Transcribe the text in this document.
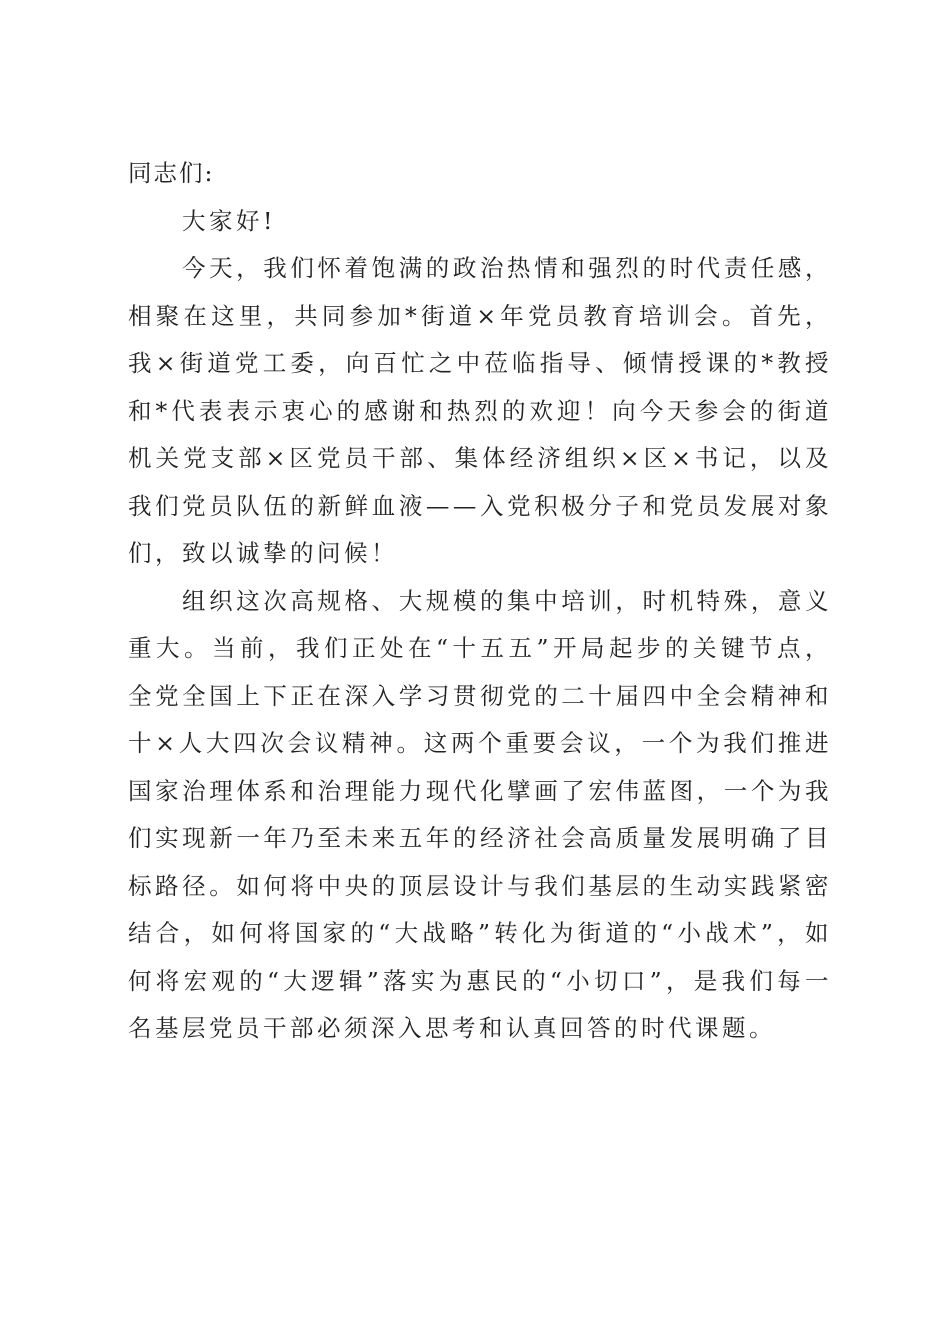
同志们:

大家好!

今天，我们怀着饱满的政治热情和强烈的时代责任感，相聚在这里，共同参加*街道×年党员教育培训会。首先，我×街道党工委，向百忙之中莅临指导、倾情授课的*教授和*代表表示衷心的感谢和热烈的欢迎！向今天参会的街道机关党支部×区党员干部、集体经济组织×区×书记，以及我们党员队伍的新鲜血液——入党积极分子和党员发展对象们，致以诚挚的问候！

组织这次高规格、大规模的集中培训，时机特殊，意义重大。当前，我们正处在“十五五”开局起步的关键节点，全党全国上下正在深入学习贯彻党的二十届四中全会精神和十×人大四次会议精神。这两个重要会议，一个为我们推进国家治理体系和治理能力现代化擘画了宏伟蓝图，一个为我们实现新一年乃至未来五年的经济社会高质量发展明确了目标路径。如何将中央的顶层设计与我们基层的生动实践紧密结合，如何将国家的“大战略”转化为街道的“小战术”，如何将宏观的“大逻辑”落实为惠民的“小切口”，是我们每一名基层党员干部必须深入思考和认真回答的时代课题。
